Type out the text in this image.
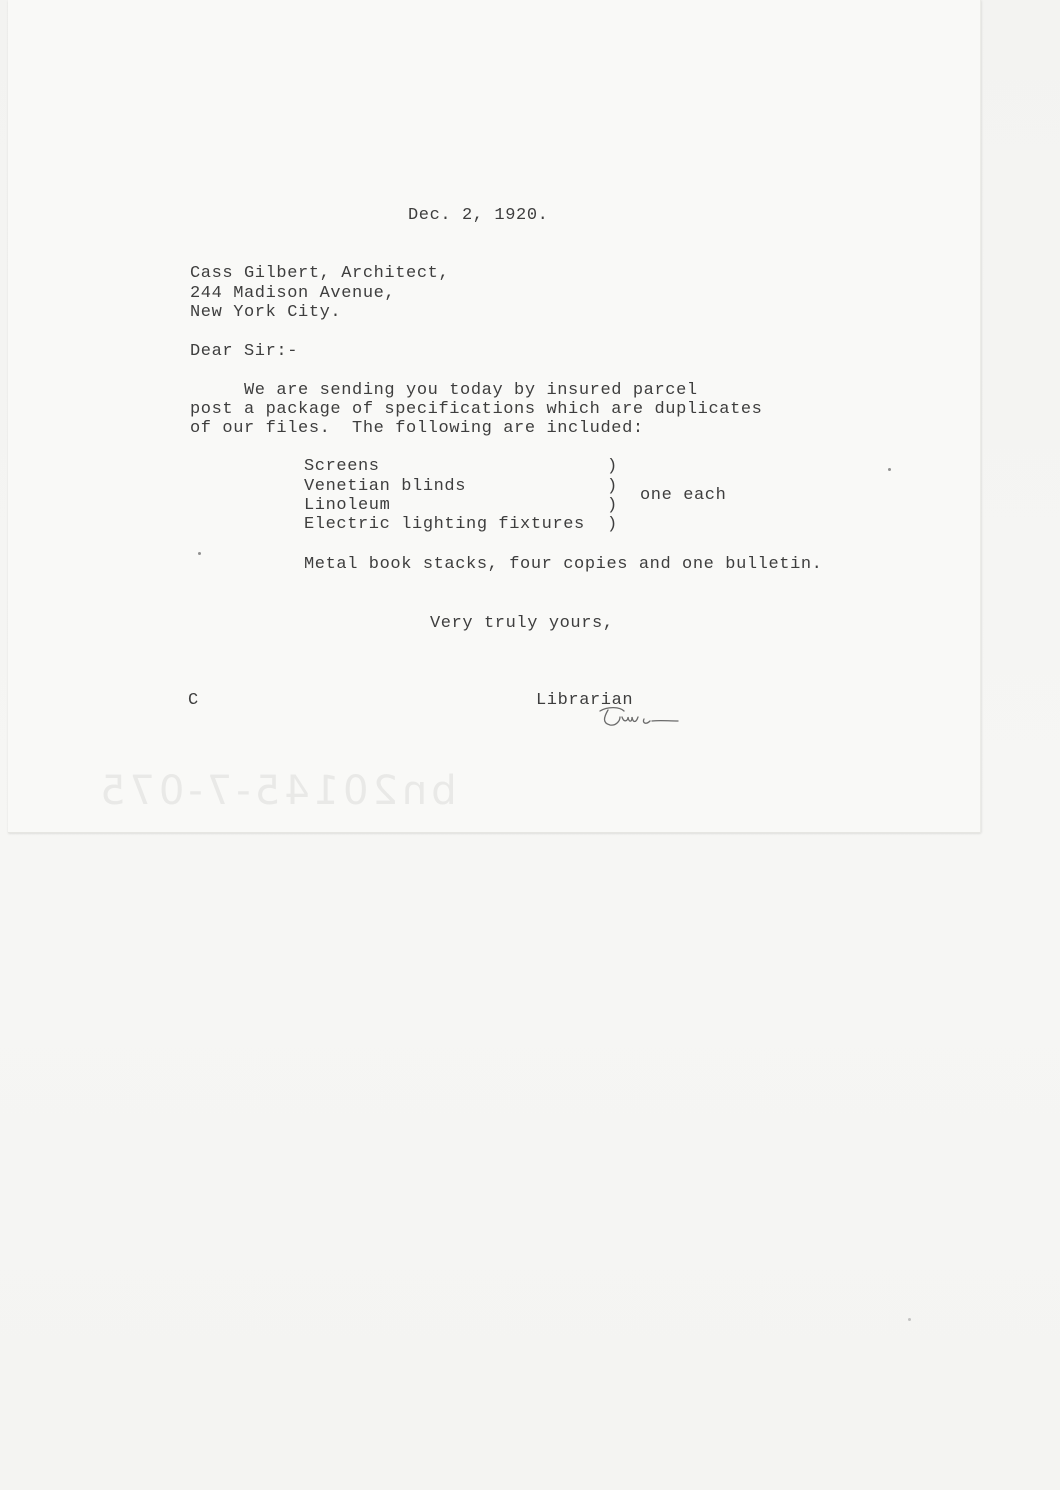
bn20145-7-075
Dec. 2, 1920.
Cass Gilbert, Architect,
244 Madison Avenue,
New York City.
Dear Sir:-
We are sending you today by insured parcel
post a package of specifications which are duplicates
of our files.  The following are included:
Screens
Venetian blinds
Linoleum
Electric lighting fixtures
)
)
)
)
one each
Metal book stacks, four copies and one bulletin.
Very truly yours,
C	Librarian
